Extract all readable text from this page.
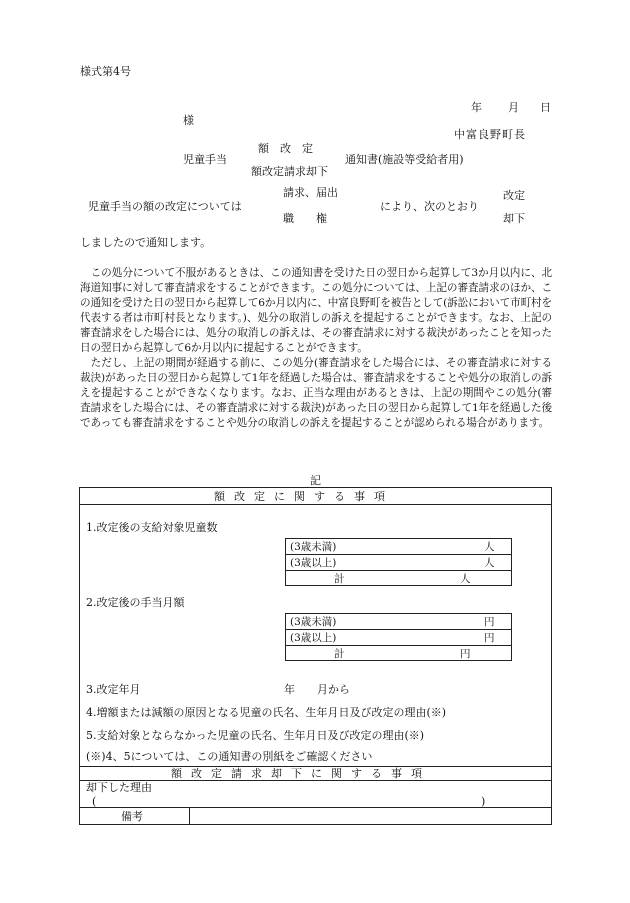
様式第4号
年 月 日
様
中富良野町長
額　改　定
児童手当	通知書(施設等受給者用)
額改定請求却下
請求、届出	改定
児童手当の額の改定については	により、次のとおり
職　　権	却下
しましたので通知します。

この処分について不服があるときは、この通知書を受けた日の翌日から起算して3か月以内に、北海道知事に対して審査請求をすることができます。この処分については、上記の審査請求のほか、この通知を受けた日の翌日から起算して6か月以内に、中富良野町を被告として(訴訟において市町村を代表する者は市町村長となります。)、処分の取消しの訴えを提起することができます。なお、上記の審査請求をした場合には、処分の取消しの訴えは、その審査請求に対する裁決があったことを知った日の翌日から起算して6か月以内に提起することができます。

ただし、上記の期間が経過する前に、この処分(審査請求をした場合には、その審査請求に対する裁決)があった日の翌日から起算して1年を経過した場合は、審査請求をすることや処分の取消しの訴えを提起することができなくなります。なお、正当な理由があるときは、上記の期間やこの処分(審査請求をした場合には、その審査請求に対する裁決)があった日の翌日から起算して1年を経過した後であっても審査請求をすることや処分の取消しの訴えを提起することが認められる場合があります。

記
額改定に関する事項
1.改定後の支給対象児童数
(3歳未満)	人
(3歳以上)	人
計	人
2.改定後の手当月額
(3歳未満)	円
(3歳以上)	円
計	円
3.改定年月	年　　月から
4.増額または減額の原因となる児童の氏名、生年月日及び改定の理由(※)
5.支給対象とならなかった児童の氏名、生年月日及び改定の理由(※)
(※)4、5については、この通知書の別紙をご確認ください
額改定請求却下に関する事項
却下した理由
(	)
備考
